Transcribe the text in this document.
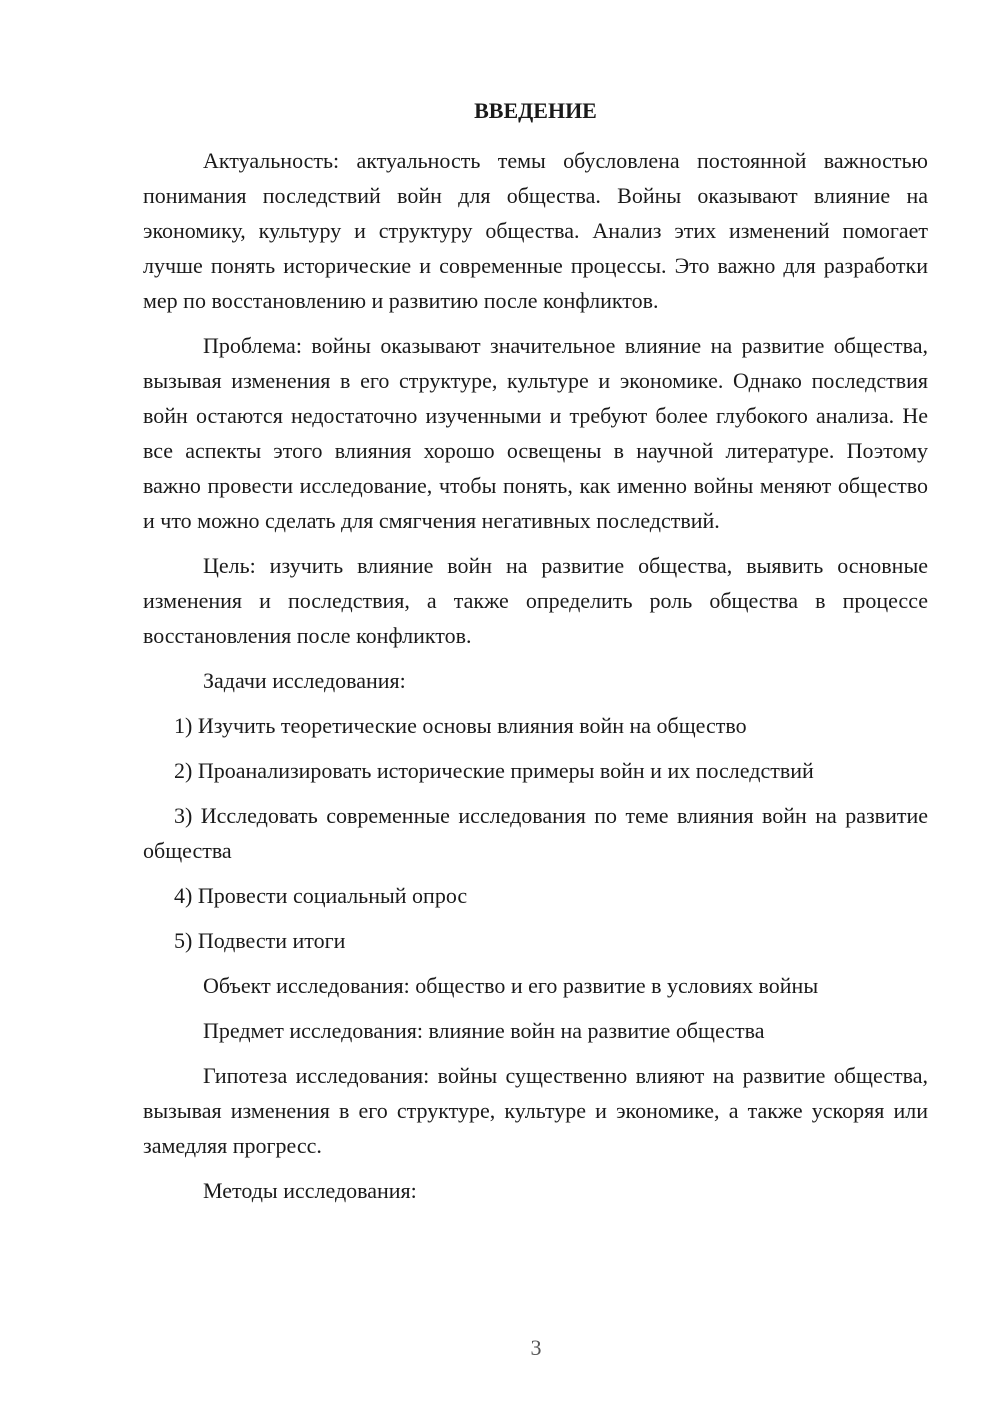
ВВЕДЕНИЕ

Актуальность: актуальность темы обусловлена постоянной важностью понимания последствий войн для общества. Войны оказывают влияние на экономику, культуру и структуру общества. Анализ этих изменений помогает лучше понять исторические и современные процессы. Это важно для разработки мер по восстановлению и развитию после конфликтов.

Проблема: войны оказывают значительное влияние на развитие общества, вызывая изменения в его структуре, культуре и экономике. Однако последствия войн остаются недостаточно изученными и требуют более глубокого анализа. Не все аспекты этого влияния хорошо освещены в научной литературе. Поэтому важно провести исследование, чтобы понять, как именно войны меняют общество и что можно сделать для смягчения негативных последствий.

Цель: изучить влияние войн на развитие общества, выявить основные изменения и последствия, а также определить роль общества в процессе восстановления после конфликтов.

Задачи исследования:

1) Изучить теоретические основы влияния войн на общество

2) Проанализировать исторические примеры войн и их последствий

3) Исследовать современные исследования по теме влияния войн на развитие общества

4) Провести социальный опрос

5) Подвести итоги

Объект исследования: общество и его развитие в условиях войны

Предмет исследования: влияние войн на развитие общества

Гипотеза исследования: войны существенно влияют на развитие общества, вызывая изменения в его структуре, культуре и экономике, а также ускоряя или замедляя прогресс.

Методы исследования:

3
